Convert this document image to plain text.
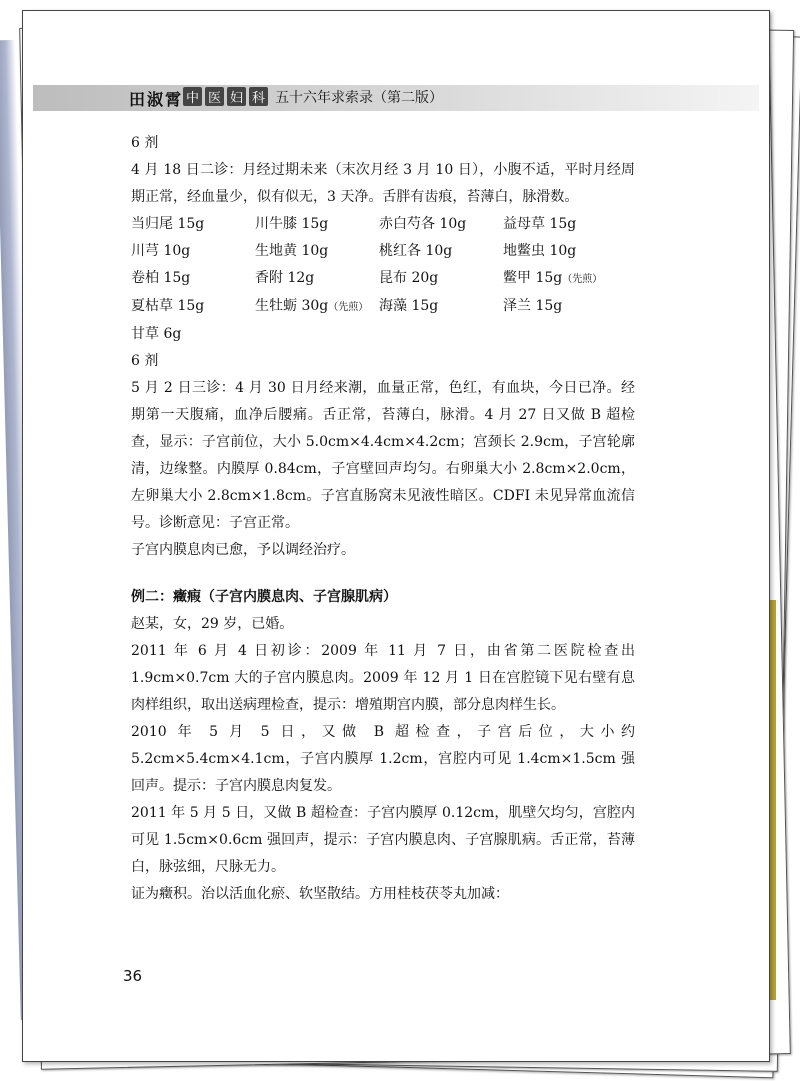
田淑霄 中 医 妇 科 五十六年求索录（第二版）

6 剂

4 月 18 日二诊：月经过期未来（末次月经 3 月 10 日），小腹不适，平时月经周期正常，经血量少，似有似无，3 天净。舌胖有齿痕，苔薄白，脉滑数。

当归尾 15g	川牛膝 15g	赤白芍各 10g	益母草 15g
川芎 10g	生地黄 10g	桃红各 10g	地鳖虫 10g
卷柏 15g	香附 12g	昆布 20g	鳖甲 15g（先煎）
夏枯草 15g	生牡蛎 30g（先煎） 海藻 15g	泽兰 15g
甘草 6g

6 剂

5 月 2 日三诊：4 月 30 日月经来潮，血量正常，色红，有血块，今日已净。经期第一天腹痛，血净后腰痛。舌正常，苔薄白，脉滑。4 月 27 日又做 B 超检查，显示：子宫前位，大小 5.0cm×4.4cm×4.2cm；宫颈长 2.9cm，子宫轮廓清，边缘整。内膜厚 0.84cm，子宫壁回声均匀。右卵巢大小 2.8cm×2.0cm，左卵巢大小 2.8cm×1.8cm。子宫直肠窝未见液性暗区。CDFI 未见异常血流信号。诊断意见：子宫正常。

子宫内膜息肉已愈，予以调经治疗。

例二：癥瘕（子宫内膜息肉、子宫腺肌病）

赵某，女，29 岁，已婚。

2011 年 6 月 4 日初诊：2009 年 11 月 7 日，由省第二医院检查出 1.9cm×0.7cm 大的子宫内膜息肉。2009 年 12 月 1 日在宫腔镜下见右壁有息肉样组织，取出送病理检查，提示：增殖期宫内膜，部分息肉样生长。

2010 年 5 月 5 日，又做 B 超检查，子宫后位，大小约 5.2cm×5.4cm×4.1cm，子宫内膜厚 1.2cm，宫腔内可见 1.4cm×1.5cm 强回声。提示：子宫内膜息肉复发。

2011 年 5 月 5 日，又做 B 超检查：子宫内膜厚 0.12cm，肌壁欠均匀，宫腔内可见 1.5cm×0.6cm 强回声，提示：子宫内膜息肉、子宫腺肌病。舌正常，苔薄白，脉弦细，尺脉无力。

证为癥积。治以活血化瘀、软坚散结。方用桂枝茯苓丸加减：

36
